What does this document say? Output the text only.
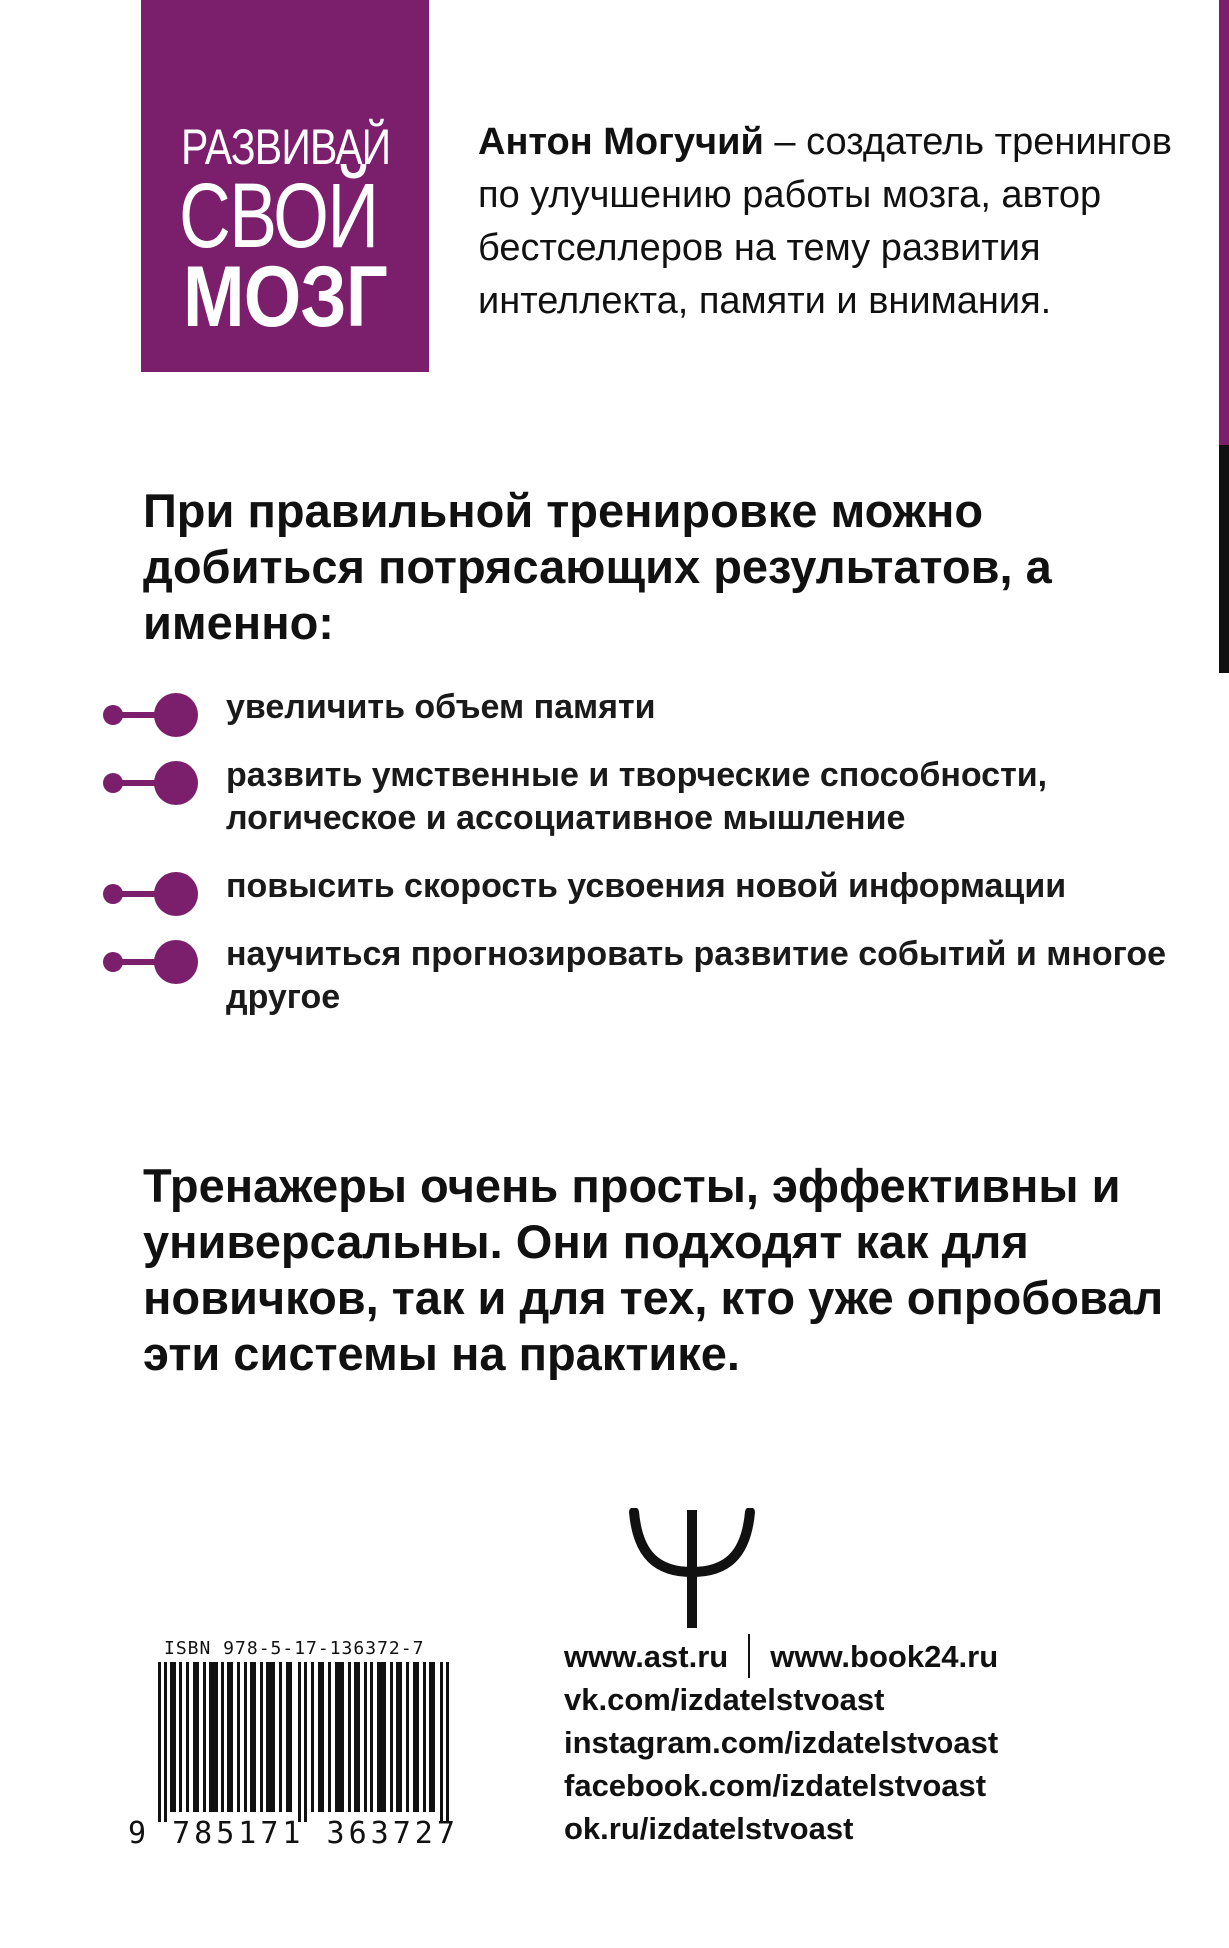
РАЗВИВАЙ
СВОЙ
МОЗГ
Антон Могучий – создатель тренингов по улучшению работы мозга, автор бестселлеров на тему развития интеллекта, памяти и внимания.
При правильной тренировке можно добиться потрясающих результатов, а именно:
увеличить объем памяти
развить умственные и творческие способности, логическое и ассоциативное мышление
повысить скорость усвоения новой информации
научиться прогнозировать развитие событий и многое другое
Тренажеры очень просты, эффективны и универсальны. Они подходят как для новичков, так и для тех, кто уже опробовал эти системы на практике.
ISBN 978-5-17-136372-7
9 785171 363727
www.ast.ru www.book24.ru
vk.com/izdatelstvoast
instagram.com/izdatelstvoast
facebook.com/izdatelstvoast
ok.ru/izdatelstvoast
